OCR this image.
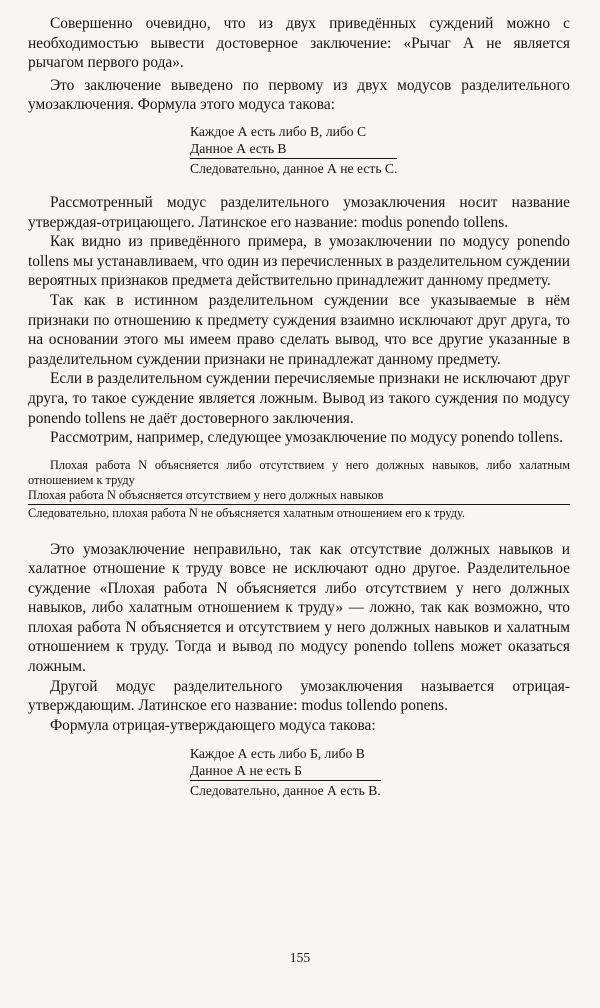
Совершенно очевидно, что из двух приведённых суждений можно с необходимостью вывести достоверное заключение: «Рычаг А не является рычагом первого рода».

Это заключение выведено по первому из двух модусов разделительного умозаключения. Формула этого модуса такова:

Каждое А есть либо В, либо С
Данное А есть В
Следовательно, данное А не есть С.

Рассмотренный модус разделительного умозаключения носит название утверждая-отрицающего. Латинское его название: modus ponendo tollens.

Как видно из приведённого примера, в умозаключении по модусу ponendo tollens мы устанавливаем, что один из перечисленных в разделительном суждении вероятных признаков предмета действительно принадлежит данному предмету.

Так как в истинном разделительном суждении все указываемые в нём признаки по отношению к предмету суждения взаимно исключают друг друга, то на основании этого мы имеем право сделать вывод, что все другие указанные в разделительном суждении признаки не принадлежат данному предмету.

Если в разделительном суждении перечисляемые признаки не исключают друг друга, то такое суждение является ложным. Вывод из такого суждения по модусу ponendo tollens не даёт достоверного заключения.

Рассмотрим, например, следующее умозаключение по модусу ponendo tollens.

Плохая работа N объясняется либо отсутствием у него должных навыков, либо халатным отношением к труду

Плохая работа N объясняется отсутствием у него должных навыков

Следовательно, плохая работа N не объясняется халатным отношением его к труду.

Это умозаключение неправильно, так как отсутствие должных навыков и халатное отношение к труду вовсе не исключают одно другое. Разделительное суждение «Плохая работа N объясняется либо отсутствием у него должных навыков, либо халатным отношением к труду» — ложно, так как возможно, что плохая работа N объясняется и отсутствием у него должных навыков и халатным отношением к труду. Тогда и вывод по модусу ponendo tollens может оказаться ложным.

Другой модус разделительного умозаключения называется отрицая-утверждающим. Латинское его название: modus tollendo ponens.

Формула отрицая-утверждающего модуса такова:

Каждое А есть либо Б, либо В
Данное А не есть Б
Следовательно, данное А есть В.
155
